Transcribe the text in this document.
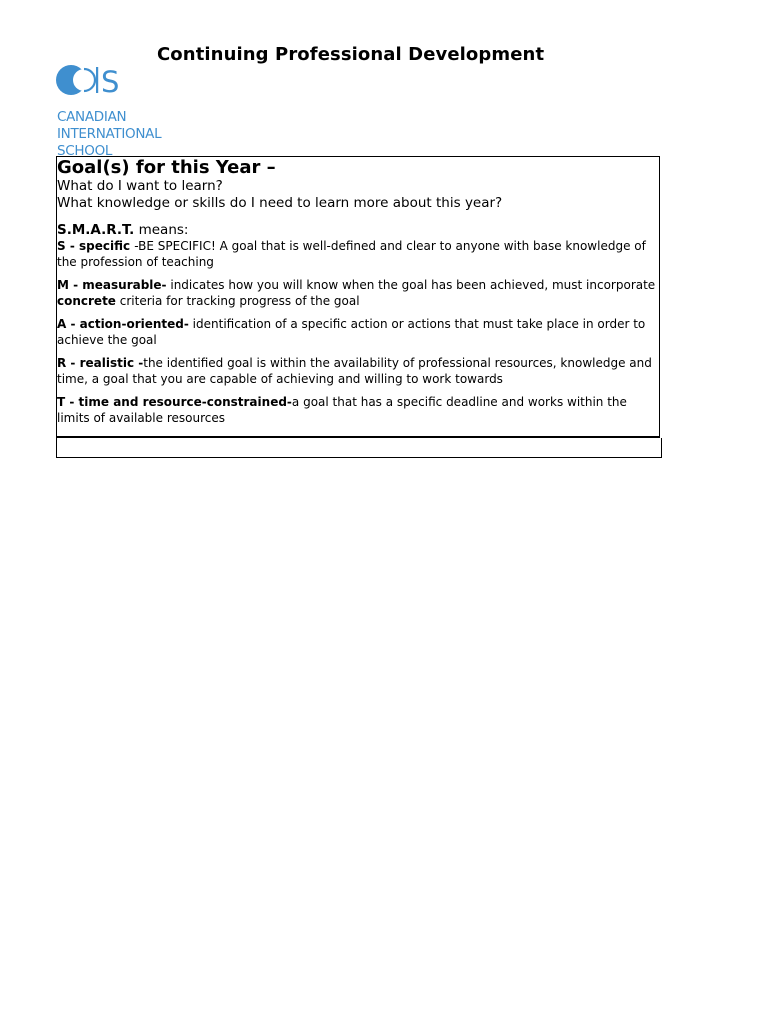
Continuing Professional Development
S
CANADIAN
INTERNATIONAL
SCHOOL
Goal(s) for this Year –
What do I want to learn?
What knowledge or skills do I need to learn more about this year?
S.M.A.R.T. means:
S - specific -BE SPECIFIC! A goal that is well-defined and clear to anyone with base knowledge of the profession of teaching
M - measurable- indicates how you will know when the goal has been achieved, must incorporate concrete criteria for tracking progress of the goal
A - action-oriented- identification of a specific action or actions that must take place in order to achieve the goal
R - realistic -the identified goal is within the availability of professional resources, knowledge and time, a goal that you are capable of achieving and willing to work towards
T - time and resource-constrained-a goal that has a specific deadline and works within the limits of available resources
